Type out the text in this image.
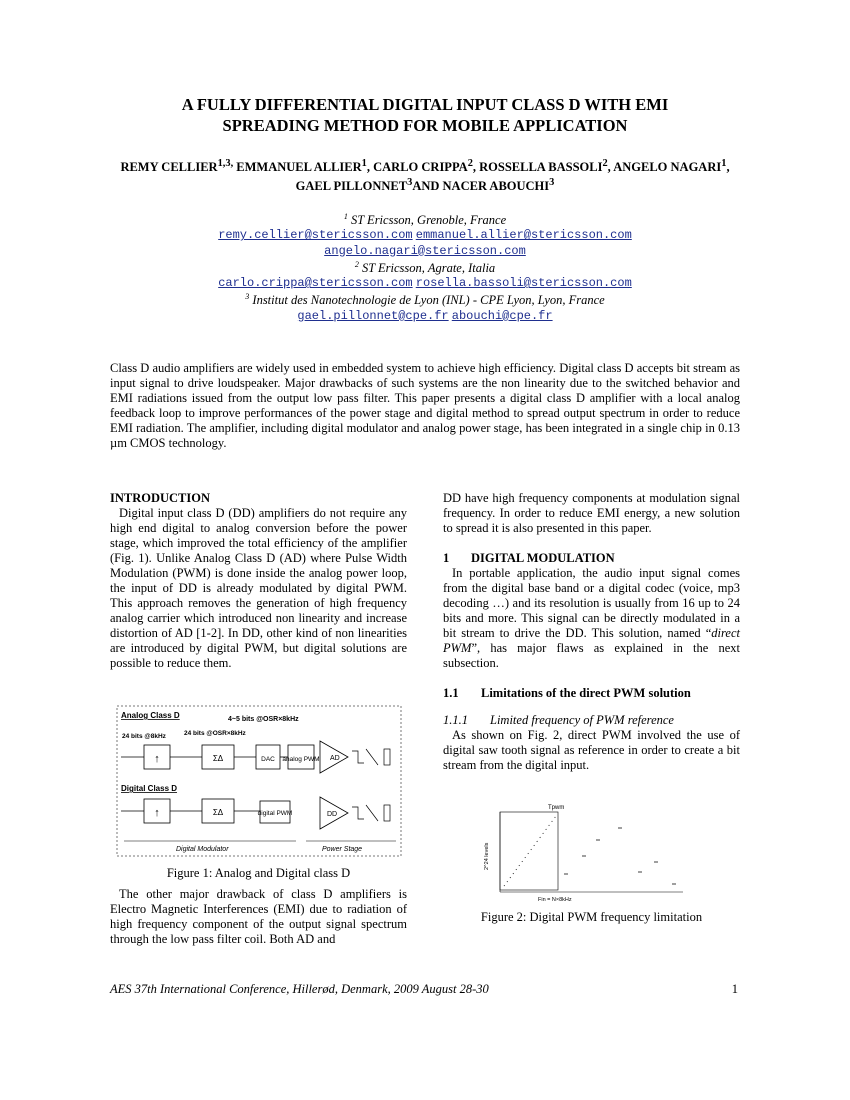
A FULLY DIFFERENTIAL DIGITAL INPUT CLASS D WITH EMI
SPREADING METHOD FOR MOBILE APPLICATION
REMY $CELLIER^{1,3,}$ EMMANUEL ALLIER$^1$, CARLO CRIPPA$^2$, ROSSELLA BASSOLI$^2$, ANGELO NAGARI$^1$, GAEL PILLONNET$^3$AND NACER ABOUCHI$^3$
$^1$ ST Ericsson, Grenoble, France
remy.cellier@stericsson.com emmanuel.allier@stericsson.com
angelo.nagari@stericsson.com
$^2$ ST Ericsson, Agrate, Italia
carlo.crippa@stericsson.com rosella.bassoli@stericsson.com
$^3$ Institut des Nanotechnologie de Lyon (INL) - CPE Lyon, Lyon, France
gael.pillonnet@cpe.fr abouchi@cpe.fr
Class D audio amplifiers are widely used in embedded system to achieve high efficiency. Digital class D accepts bit stream as input signal to drive loudspeaker. Major drawbacks of such systems are the non linearity due to the switched behavior and EMI radiations issued from the output low pass filter. This paper presents a digital class D amplifier with a local analog feedback loop to improve performances of the power stage and digital method to spread output spectrum in order to reduce EMI radiation. The amplifier, including digital modulator and analog power stage, has been integrated in a single chip in 0.13 µm CMOS technology.
INTRODUCTION

Digital input class D (DD) amplifiers do not require any high end digital to analog conversion before the power stage, which improved the total efficiency of the amplifier (Fig. 1). Unlike Analog Class D (AD) where Pulse Width Modulation (PWM) is done inside the analog power loop, the input of DD is already modulated by digital PWM. This approach removes the generation of high frequency analog carrier which introduced non linearity and increase distortion of AD [1-2]. In DD, other kind of non linearities are introduced by digital PWM, but digital solutions are possible to reduce them.

Analog Class D	4~5 bits @OSR×8kHz
24 bits @8kHz	24 bits @OSR×8kHz
↑	ΣΔ	DAC analog PWM AD
Digital Class D
↑	ΣΔ	digital PWM	DD
Digital Modulator	Power Stage
Figure 1: Analog and Digital class D

The other major drawback of class D amplifiers is Electro Magnetic Interferences (EMI) due to radiation of high frequency component of the output signal spectrum through the low pass filter coil. Both AD and

DD have high frequency components at modulation signal frequency. In order to reduce EMI energy, a new solution to spread it is also presented in this paper.

1 DIGITAL MODULATION

In portable application, the audio input signal comes from the digital base band or a digital codec (voice, mp3 decoding …) and its resolution is usually from 16 up to 24 bits and more. This signal can be directly modulated in a bit stream to drive the DD. This solution, named “direct PWM”, has major flaws as explained in the next subsection.

1.1 Limitations of the direct PWM solution
1.1.1 Limited frequency of PWM reference

As shown on Fig. 2, direct PWM involved the use of digital saw tooth signal as reference in order to create a bit stream from the digital input.

Tpwm
2^24 levels
Fin = N×8kHz
Figure 2: Digital PWM frequency limitation
AES 37th International Conference, Hillerød, Denmark, 2009 August 28-30	1
